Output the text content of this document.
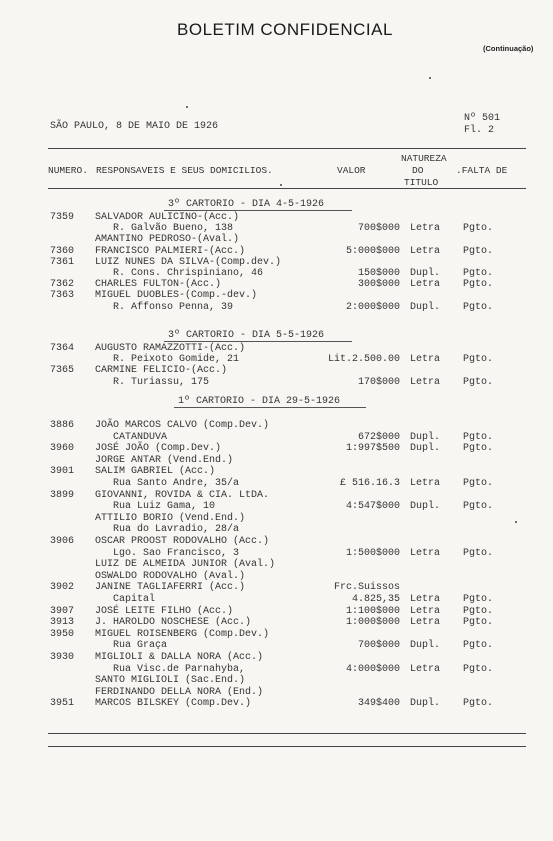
BOLETIM CONFIDENCIAL
(Continuação)
SÃO PAULO, 8 DE MAIO DE 1926
Nº 501
Fl. 2
NUMERO. RESPONSAVEIS E SEUS DOMICILIOS.	VALOR
NATUREZA
DO
TITULO
.FALTA DE
3º CARTORIO - DIA 4-5-1926
7359 SALVADOR AULICINO-(Acc.)
R. Galvão Bueno, 138	700$000 Letra Pgto.
AMANTINO PEDROSO-(Aval.)
7360 FRANCISCO PALMIERI-(Acc.)	5:000$000 Letra Pgto.
7361 LUIZ NUNES DA SILVA-(Comp.dev.)
R. Cons. Chrispiniano, 46	150$000 Dupl. Pgto.
7362 CHARLES FULTON-(Acc.)	300$000 Letra Pgto.
7363 MIGUEL DUOBLES-(Comp.-dev.)
R. Affonso Penna, 39	2:000$000 Dupl. Pgto.
3º CARTORIO - DIA 5-5-1926
7364 AUGUSTO RAMAZZOTTI-(Acc.)
R. Peixoto Gomide, 21	Lit.2.500.00 Letra Pgto.
7365 CARMINE FELICIO-(Acc.)
R. Turiassu, 175	170$000 Letra Pgto.
1º CARTORIO - DIA 29-5-1926
3886 JOÃO MARCOS CALVO (Comp.Dev.)
CATANDUVA	672$000 Dupl. Pgto.
3960 JOSÉ JOÃO (Comp.Dev.)	1:997$500 Dupl. Pgto.
JORGE ANTAR (Vend.End.)
3901 SALIM GABRIEL (Acc.)
Rua Santo Andre, 35/a	£ 516.16.3 Letra Pgto.
3899 GIOVANNI, ROVIDA & CIA. LtDA.
Rua Luiz Gama, 10	4:547$000 Dupl. Pgto.
ATTILIO BORIO (Vend.End.)
Rua do Lavradio, 28/a
3906 OSCAR PROOST RODOVALHO (Acc.)
Lgo. Sao Francisco, 3	1:500$000 Letra Pgto.
LUIZ DE ALMEIDA JUNIOR (Aval.)
OSWALDO RODOVALHO (Aval.)
3902 JANINE TAGLIAFERRI (Acc.)	Frc.Suissos
Capital	4.825,35 Letra Pgto.
3907 JOSÉ LEITE FILHO (Acc.)	1:100$000 Letra Pgto.
3913 J. HAROLDO NOSCHESE (Acc.)	1:000$000 Letra Pgto.
3950 MIGUEL ROISENBERG (Comp.Dev.)
Rua Graça	700$000 Dupl. Pgto.
3930 MIGLIOLI & DALLA NORA (Acc.)
Rua Visc.de Parnahyba,	4:000$000 Letra Pgto.
SANTO MIGLIOLI (Sac.End.)
FERDINANDO DELLA NORA (End.)
3951 MARCOS BILSKEY (Comp.Dev.)	349$400 Dupl. Pgto.
